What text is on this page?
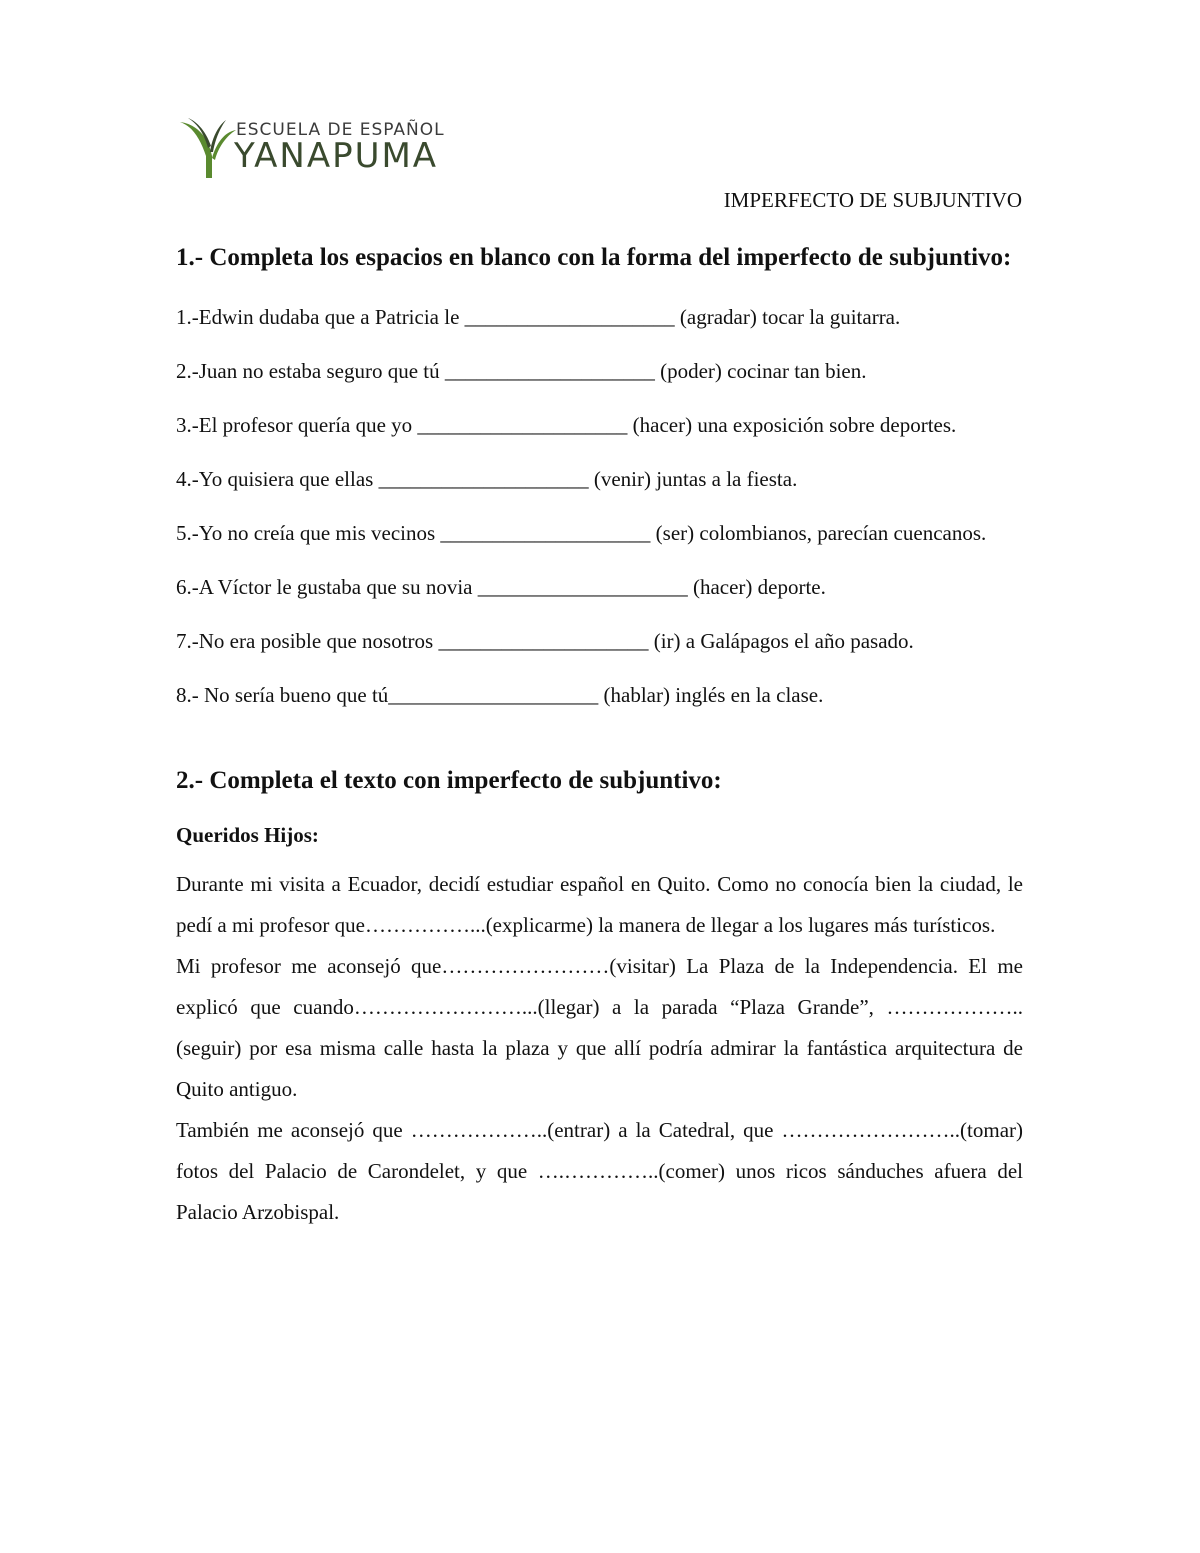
ESCUELA DE ESPAÑOL
YANAPUMA
IMPERFECTO DE SUBJUNTIVO

1.- Completa los espacios en blanco con la forma del imperfecto de subjuntivo:

1.-Edwin dudaba que a Patricia le ____________________ (agradar) tocar la guitarra.

2.-Juan no estaba seguro que tú ____________________ (poder) cocinar tan bien.

3.-El profesor quería que yo ____________________ (hacer) una exposición sobre deportes.

4.-Yo quisiera que ellas ____________________ (venir) juntas a la fiesta.

5.-Yo no creía que mis vecinos ____________________ (ser) colombianos, parecían cuencanos.

6.-A Víctor le gustaba que su novia ____________________ (hacer) deporte.

7.-No era posible que nosotros ____________________ (ir) a Galápagos el año pasado.

8.- No sería bueno que tú____________________ (hablar) inglés en la clase.

2.- Completa el texto con imperfecto de subjuntivo:

Queridos Hijos:

Durante mi visita a Ecuador, decidí estudiar español en Quito. Como no conocía bien la ciudad, le pedí a mi profesor que……………...(explicarme) la manera de llegar a los lugares más turísticos.

Mi profesor me aconsejó que……………………(visitar) La Plaza de la Independencia. El me explicó que cuando……………………...(llegar) a la parada “Plaza Grande”, ………………..(seguir) por esa misma calle hasta la plaza y que allí podría admirar la fantástica arquitectura de Quito antiguo.

También me aconsejó que ………………..(entrar) a la Catedral, que ……………………..(tomar) fotos del Palacio de Carondelet, y que ….…………..(comer) unos ricos sánduches afuera del Palacio Arzobispal.
